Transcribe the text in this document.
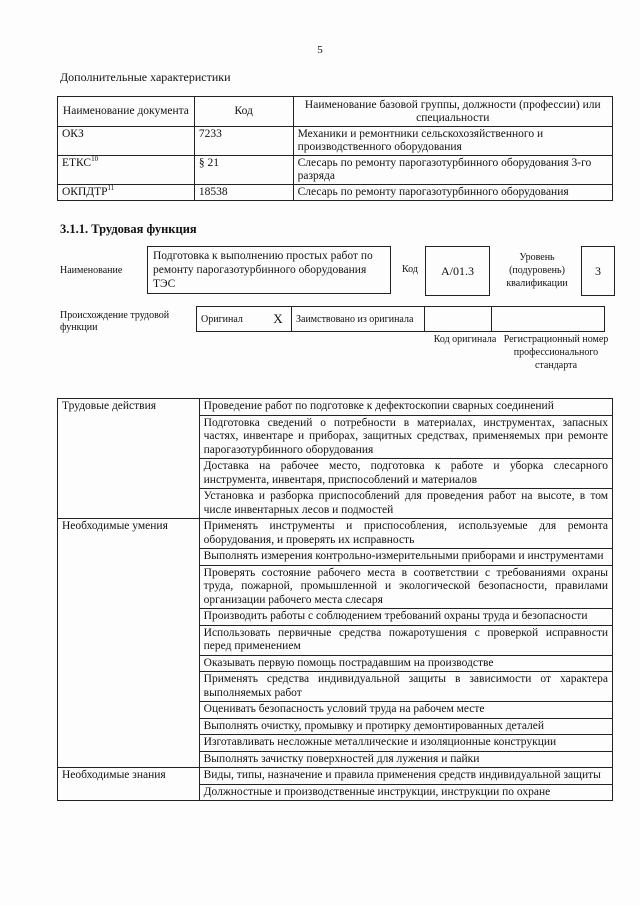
5
Дополнительные характеристики
Наименование документа	Код	Наименование базовой группы, должности (профессии) или специальности
ОКЗ	7233	Механики и ремонтники сельскохозяйственного и производственного оборудования
ЕТКС$^{10}$	§ 21	Слесарь по ремонту парогазотурбинного оборудования 3-го разряда
ОКПДТР$^{11}$	18538	Слесарь по ремонту парогазотурбинного оборудования
3.1.1. Трудовая функция
Наименование
Подготовка к выполнению простых работ по ремонту парогазотурбинного оборудования ТЭС
Код	A/01.3
Уровень (подуровень) квалификации
3
Происхождение трудовой функции
Оригинал	X	Заимствовано из оригинала		
Код оригинала Регистрационный номер профессионального стандарта
Трудовые действия	Проведение работ по подготовке к дефектоскопии сварных соединений
	Подготовка сведений о потребности в материалах, инструментах, запасных частях, инвентаре и приборах, защитных средствах, применяемых при ремонте парогазотурбинного оборудования
	Доставка на рабочее место, подготовка к работе и уборка слесарного инструмента, инвентаря, приспособлений и материалов
	Установка и разборка приспособлений для проведения работ на высоте, в том числе инвентарных лесов и подмостей
Необходимые умения	Применять инструменты и приспособления, используемые для ремонта оборудования, и проверять их исправность
	Выполнять измерения контрольно-измерительными приборами и инструментами
	Проверять состояние рабочего места в соответствии с требованиями охраны труда, пожарной, промышленной и экологической безопасности, правилами организации рабочего места слесаря
	Производить работы с соблюдением требований охраны труда и безопасности
	Использовать первичные средства пожаротушения с проверкой исправности перед применением
	Оказывать первую помощь пострадавшим на производстве
	Применять средства индивидуальной защиты в зависимости от характера выполняемых работ
	Оценивать безопасность условий труда на рабочем месте
	Выполнять очистку, промывку и протирку демонтированных деталей
	Изготавливать несложные металлические и изоляционные конструкции
	Выполнять зачистку поверхностей для лужения и пайки
Необходимые знания	Виды, типы, назначение и правила применения средств индивидуальной защиты
	Должностные и производственные инструкции, инструкции по охране
